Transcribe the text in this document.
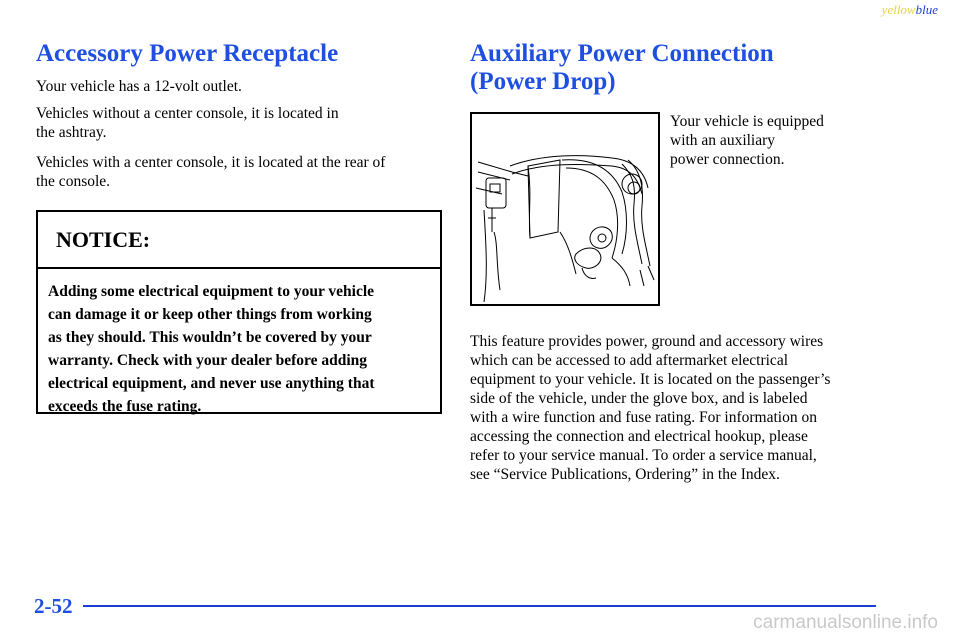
yellowblue
Accessory Power Receptacle

Your vehicle has a 12-volt outlet.

Vehicles without a center console, it is located in

the ashtray.

Vehicles with a center console, it is located at the rear of

the console.

NOTICE:
Adding some electrical equipment to your vehicle
can damage it or keep other things from working
as they should. This wouldn’t be covered by your
warranty. Check with your dealer before adding
electrical equipment, and never use anything that
exceeds the fuse rating.
Auxiliary Power Connection
(Power Drop)

Your vehicle is equipped

with an auxiliary

power connection.

This feature provides power, ground and accessory wires

which can be accessed to add aftermarket electrical

equipment to your vehicle. It is located on the passenger’s

side of the vehicle, under the glove box, and is labeled

with a wire function and fuse rating. For information on

accessing the connection and electrical hookup, please

refer to your service manual. To order a service manual,

see “Service Publications, Ordering” in the Index.

2-52
carmanualsonline.info
